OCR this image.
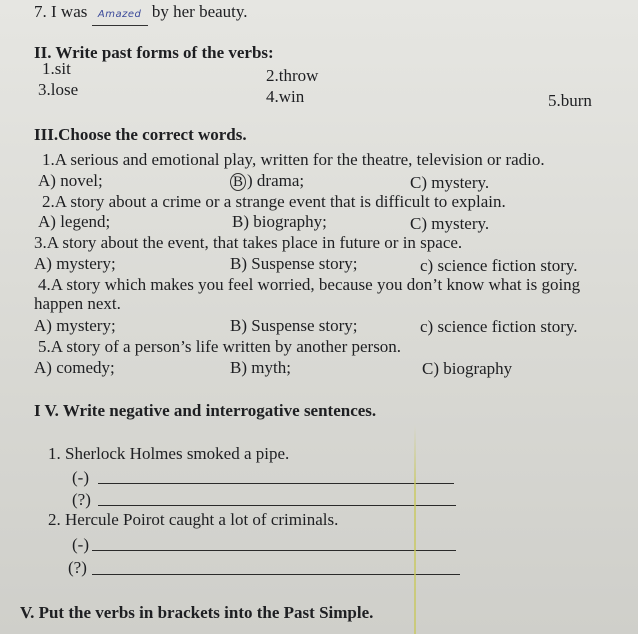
7. I was Amazed by her beauty.
II. Write past forms of the verbs:
1.sit	2.throw
3.lose	4.win	5.burn
III.Choose the correct words.
1.A serious and emotional play, written for the theatre, television or radio.
A) novel;	B ) drama;	C) mystery.
2.A story about a crime or a strange event that is difficult to explain.
A) legend;	B) biography;	C) mystery.
3.A story about the event, that takes place in future or in space.
A) mystery;	B) Suspense story;	c) science fiction story.
4.A story which makes you feel worried, because you don’t know what is going
happen next.
A) mystery;	B) Suspense story;	c) science fiction story.
5.A story of a person’s life written by another person.
A) comedy;	B) myth;	C) biography
I V. Write negative and interrogative sentences.
1. Sherlock Holmes smoked a pipe.
(-)
(?)
2. Hercule Poirot caught a lot of criminals.
(-)
(?)
V. Put the verbs in brackets into the Past Simple.
